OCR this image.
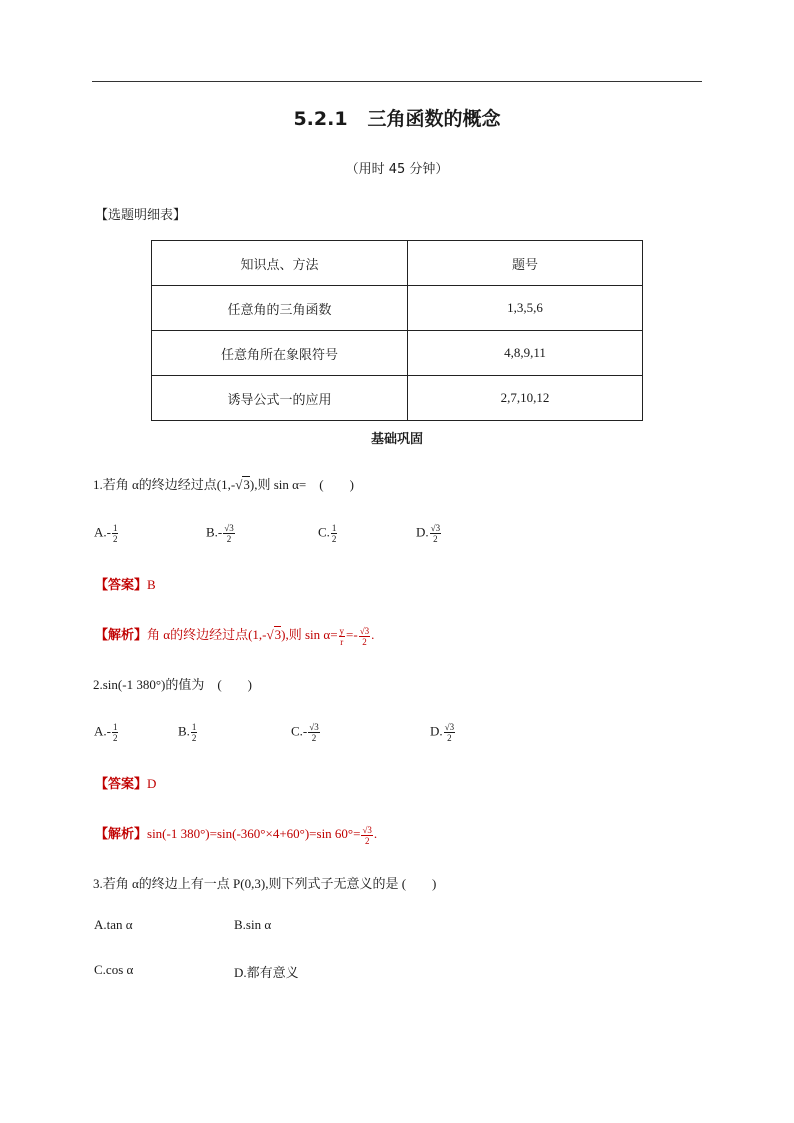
5.2.1 三角函数的概念
（用时 45 分钟）
【选题明细表】
知识点、方法	题号
任意角的三角函数	1,3,5,6
任意角所在象限符号	4,8,9,11
诱导公式一的应用	2,7,10,12
基础巩固
1.若角 α的终边经过点(1,-√3),则 sin α=　(　　)
$A.- \frac{1}{2}$	$B.- \frac{√3}{2}$	C. $\frac{1}{2}$	D. $\frac{√3}{2}$
【答案】B
【解析】角 α的终边经过点(1,-√3),则 $\sin \alpha= \frac{y}{r} =- \frac{√3}{2}$ .
2.sin(-1 380°)的值为　(　　)
$A.- \frac{1}{2}$	B. $\frac{1}{2}$	$C.- \frac{√3}{2}$	D. $\frac{√3}{2}$
【答案】D
【解析】sin(-1 380°)=sin(-360°×4+60°)=sin $60^\circ= \frac{√3}{2}$ .
3.若角 α的终边上有一点 P(0,3),则下列式子无意义的是 (　　)
A.tan α	B.sin α
C.cos α	D.都有意义
